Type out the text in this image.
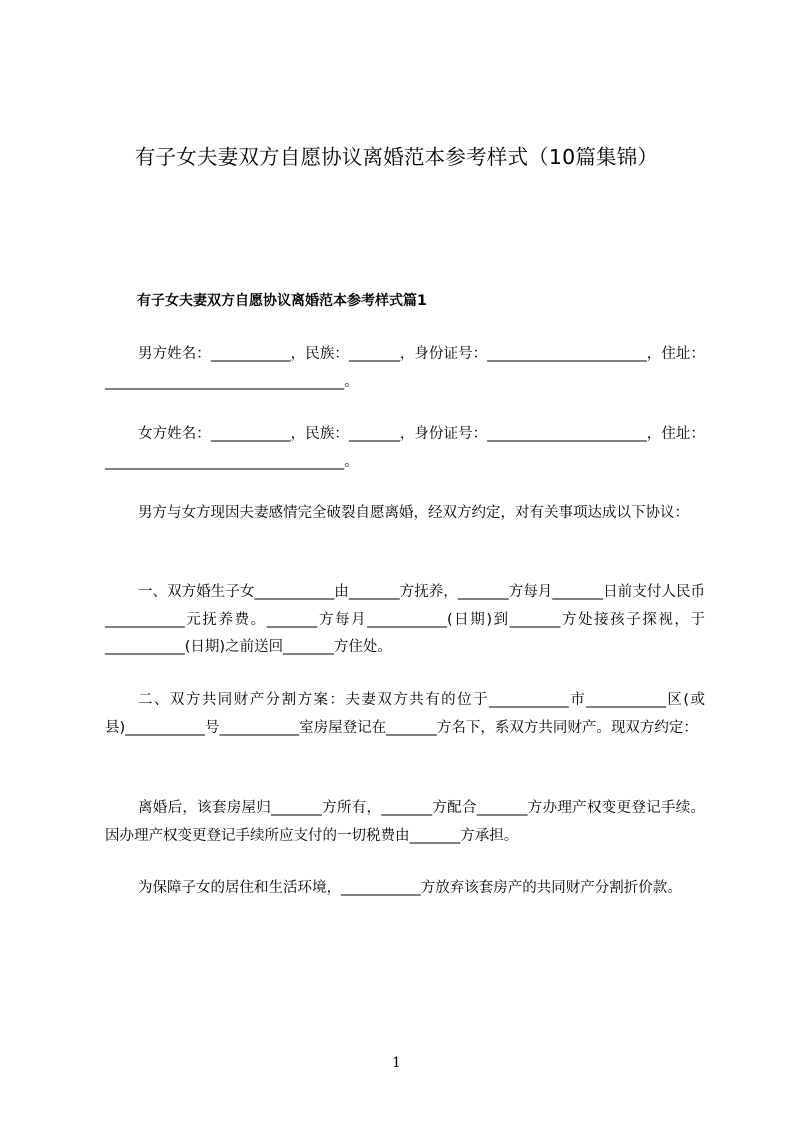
有子女夫妻双方自愿协议离婚范本参考样式（10篇集锦）
有子女夫妻双方自愿协议离婚范本参考样式篇1

男方姓名：___________，民族：_______，身份证号：______________________，住址：_________________________________。

女方姓名：___________，民族：_______，身份证号：______________________，住址：_________________________________。

男方与女方现因夫妻感情完全破裂自愿离婚，经双方约定，对有关事项达成以下协议：

一、双方婚生子女___________由_______方抚养，_______方每月_______日前支付人民币___________元抚养费。_______方每月___________(日期)到_______方处接孩子探视，于___________(日期)之前送回_______方住处。

二、双方共同财产分割方案：夫妻双方共有的位于___________市___________区(或县)___________号___________室房屋登记在_______方名下，系双方共同财产。现双方约定：

离婚后，该套房屋归_______方所有，_______方配合_______方办理产权变更登记手续。因办理产权变更登记手续所应支付的一切税费由_______方承担。

为保障子女的居住和生活环境，___________方放弃该套房产的共同财产分割折价款。

1
